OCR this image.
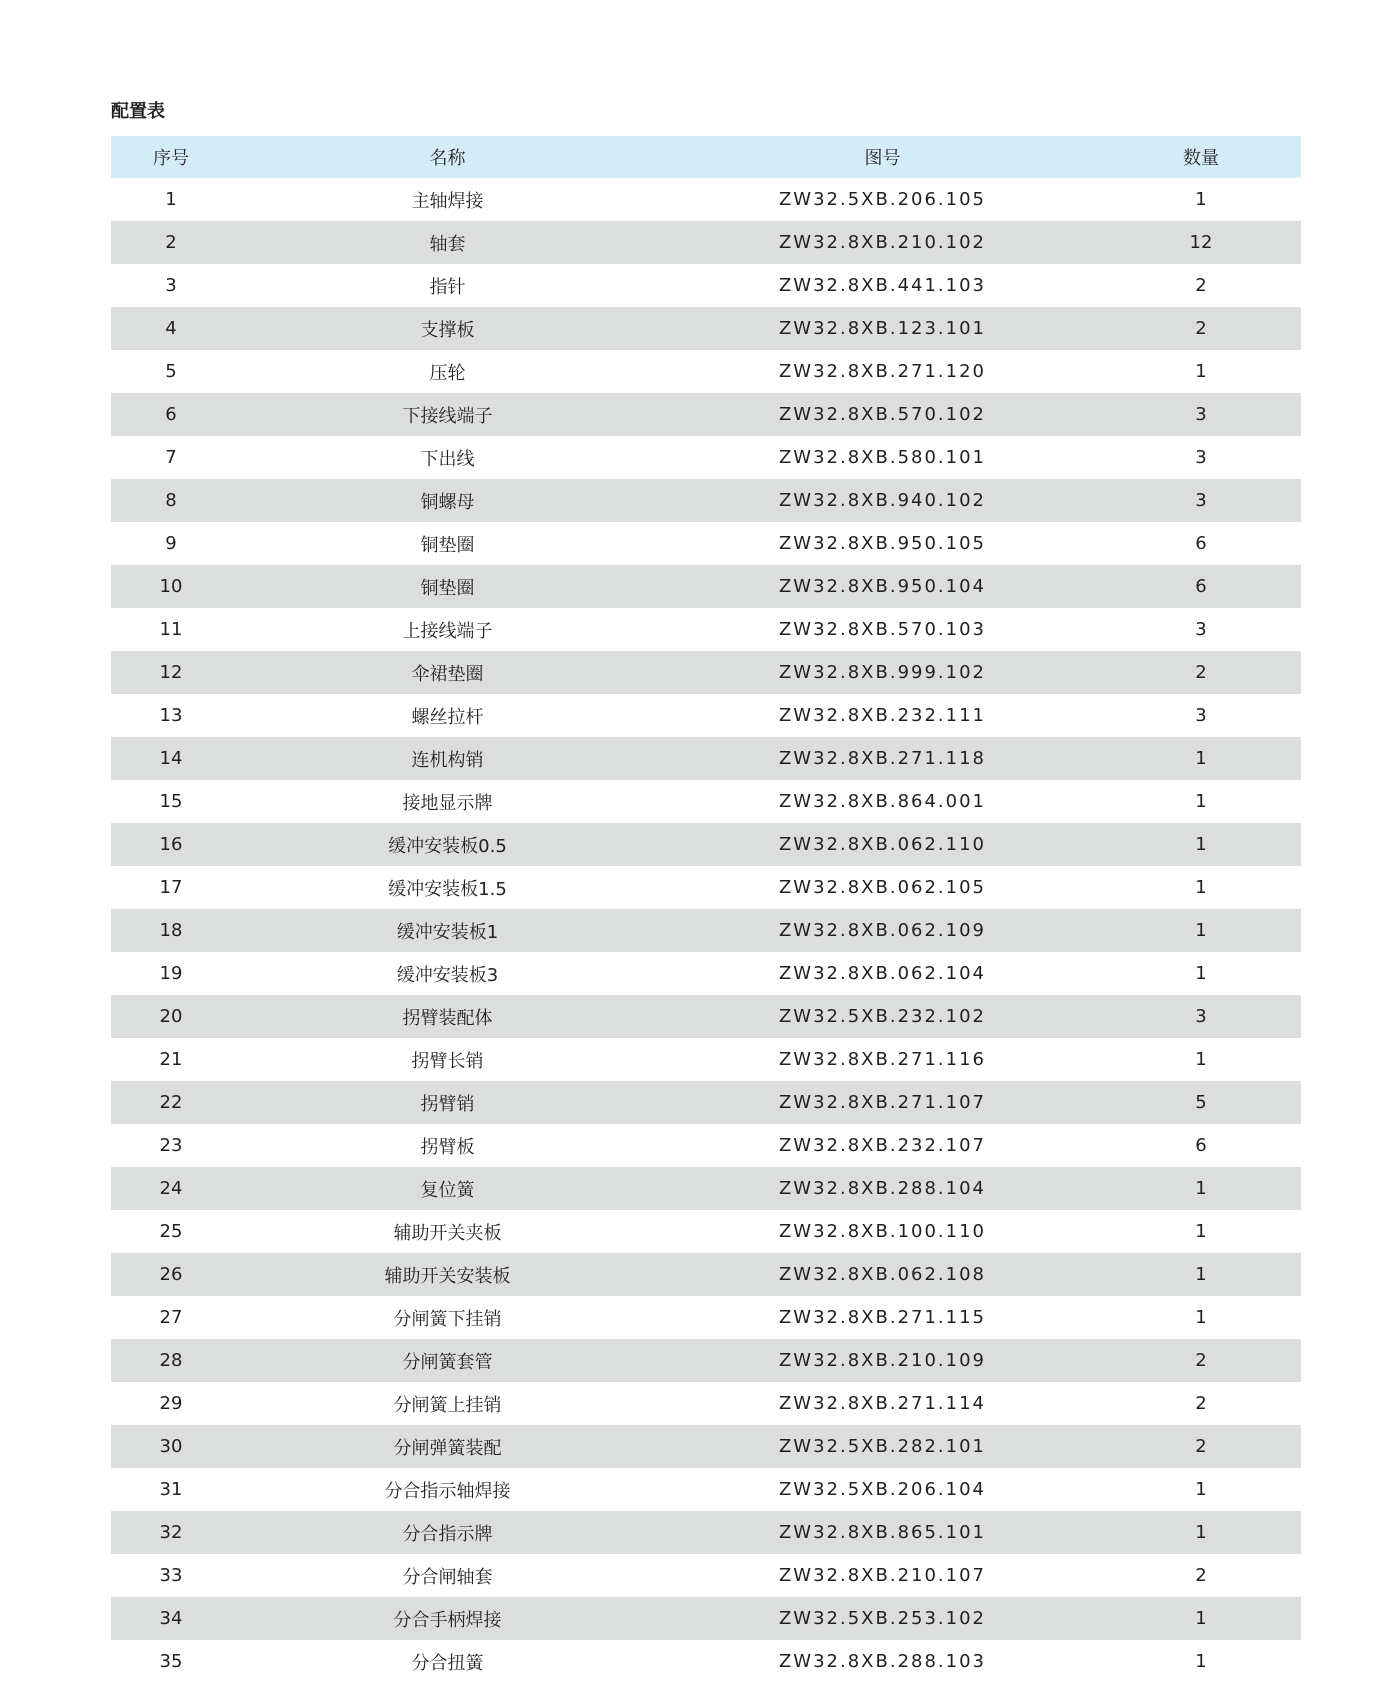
配置表
序号	名称	图号	数量
1	主轴焊接	ZW32.5XB.206.105	1
2	轴套	ZW32.8XB.210.102	12
3	指针	ZW32.8XB.441.103	2
4	支撑板	ZW32.8XB.123.101	2
5	压轮	ZW32.8XB.271.120	1
6	下接线端子	ZW32.8XB.570.102	3
7	下出线	ZW32.8XB.580.101	3
8	铜螺母	ZW32.8XB.940.102	3
9	铜垫圈	ZW32.8XB.950.105	6
10	铜垫圈	ZW32.8XB.950.104	6
11	上接线端子	ZW32.8XB.570.103	3
12	伞裙垫圈	ZW32.8XB.999.102	2
13	螺丝拉杆	ZW32.8XB.232.111	3
14	连机构销	ZW32.8XB.271.118	1
15	接地显示牌	ZW32.8XB.864.001	1
16	缓冲安装板0.5	ZW32.8XB.062.110	1
17	缓冲安装板1.5	ZW32.8XB.062.105	1
18	缓冲安装板1	ZW32.8XB.062.109	1
19	缓冲安装板3	ZW32.8XB.062.104	1
20	拐臂装配体	ZW32.5XB.232.102	3
21	拐臂长销	ZW32.8XB.271.116	1
22	拐臂销	ZW32.8XB.271.107	5
23	拐臂板	ZW32.8XB.232.107	6
24	复位簧	ZW32.8XB.288.104	1
25	辅助开关夹板	ZW32.8XB.100.110	1
26	辅助开关安装板	ZW32.8XB.062.108	1
27	分闸簧下挂销	ZW32.8XB.271.115	1
28	分闸簧套管	ZW32.8XB.210.109	2
29	分闸簧上挂销	ZW32.8XB.271.114	2
30	分闸弹簧装配	ZW32.5XB.282.101	2
31	分合指示轴焊接	ZW32.5XB.206.104	1
32	分合指示牌	ZW32.8XB.865.101	1
33	分合闸轴套	ZW32.8XB.210.107	2
34	分合手柄焊接	ZW32.5XB.253.102	1
35	分合扭簧	ZW32.8XB.288.103	1
